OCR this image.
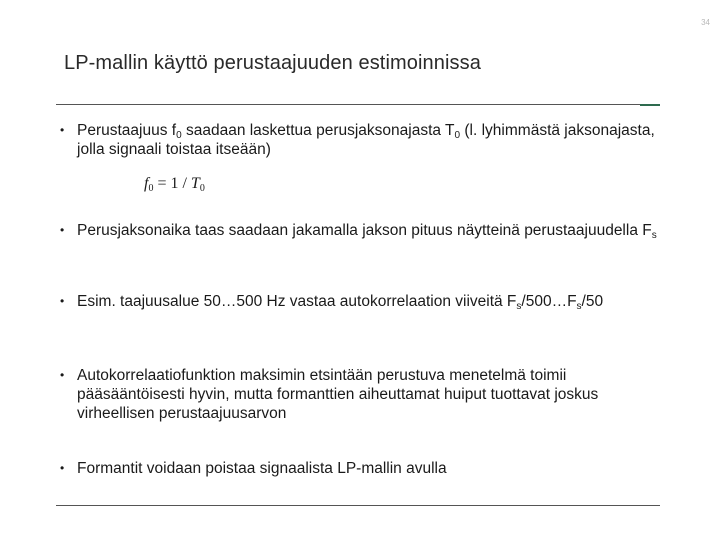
34
LP-mallin käyttö perustaajuuden estimoinnissa
• Perustaajuus $f_0$ saadaan laskettua perusjaksonajasta $T_0$ (l. lyhimmästä jaksonajasta, jolla signaali toistaa itseään)
• Perusjaksonaika taas saadaan jakamalla jakson pituus näytteinä perustaajuudella $F_s$
• Esim. taajuusalue 50…500 Hz vastaa autokorrelaation viiveitä $F_s/500\dots F_s/50$
• Autokorrelaatiofunktion maksimin etsintään perustuva menetelmä toimii pääsääntöisesti hyvin, mutta formanttien aiheuttamat huiput tuottavat joskus virheellisen perustaajuusarvon
• Formantit voidaan poistaa signaalista LP-mallin avulla
$f_0 = 1 / T_0$
